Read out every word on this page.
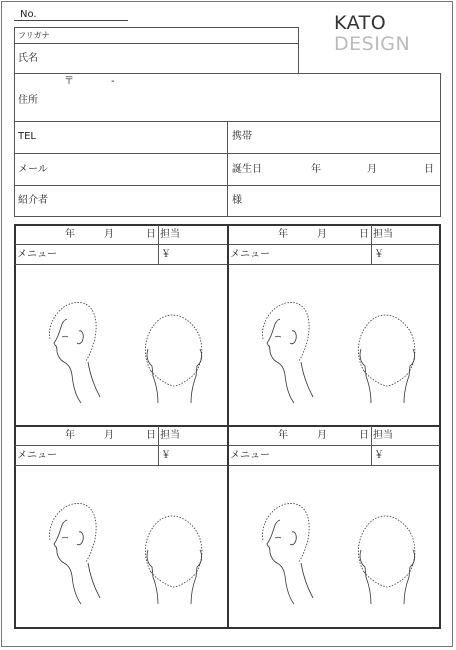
No.	KATO
DESIGN
フリガナ
氏名
〒	-
住所
TEL	携帯
メール	誕生日	年	月	日
紹介者	様
年	月	日 担当
メニュー	￥
年	月	日 担当
メニュー	￥
年	月	日 担当
メニュー	￥
年	月	日 担当
メニュー	￥
